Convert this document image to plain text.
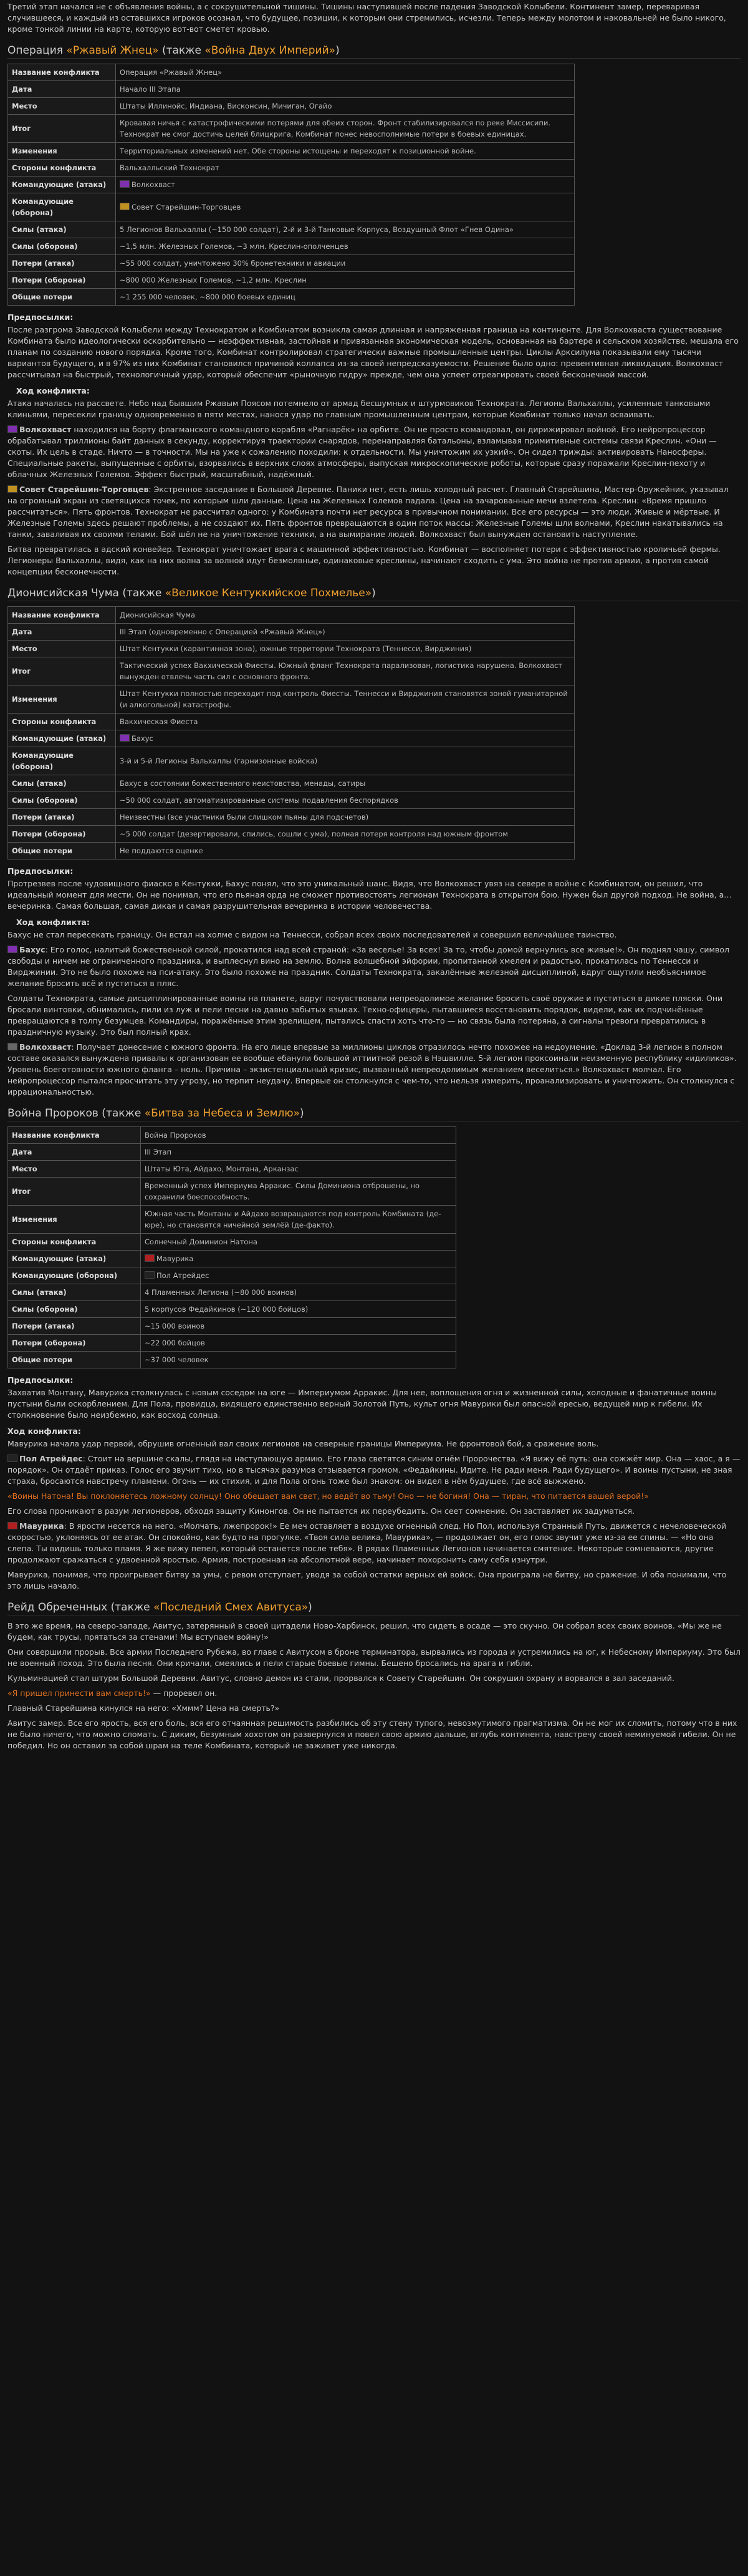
Третий этап начался не с объявления войны, а с сокрушительной тишины. Тишины наступившей после падения Заводской Колыбели. Континент замер, переваривая случившееся, и каждый из оставшихся игроков осознал, что будущее, позиции, к которым они стремились, исчезли. Теперь между молотом и наковальней не было никого, кроме тонкой линии на карте, которую вот-вот сметет кровью.

Операция «Ржавый Жнец» (также «Война Двух Империй»)
Название конфликта	Операция «Ржавый Жнец»
Дата	Начало III Этапа
Место	Штаты Иллинойс, Индиана, Висконсин, Мичиган, Огайо
Итог	Кровавая ничья с катастрофическими потерями для обеих сторон. Фронт стабилизировался по реке Миссисипи. Технократ не смог достичь целей блицкрига, Комбинат понес невосполнимые потери в боевых единицах.
Изменения	Территориальных изменений нет. Обе стороны истощены и переходят к позиционной войне.
Стороны конфликта	Вальхалльский Технократ
Командующие (атака)	Волкохваст
Командующие (оборона)	Совет Старейшин-Торговцев
Силы (атака)	5 Легионов Вальхаллы (~150 000 солдат), 2-й и 3-й Танковые Корпуса, Воздушный Флот «Гнев Одина»
Силы (оборона)	~1,5 млн. Железных Големов, ~3 млн. Креслин-ополченцев
Потери (атака)	~55 000 солдат, уничтожено 30% бронетехники и авиации
Потери (оборона)	~800 000 Железных Големов, ~1,2 млн. Креслин
Общие потери	~1 255 000 человек, ~800 000 боевых единиц
Предпосылки:

После разгрома Заводской Колыбели между Технократом и Комбинатом возникла самая длинная и напряженная граница на континенте. Для Волкохваста существование Комбината было идеологически оскорбительно — неэффективная, застойная и привязанная экономическая модель, основанная на бартере и сельском хозяйстве, мешала его планам по созданию нового порядка. Кроме того, Комбинат контролировал стратегически важные промышленные центры. Циклы Арксилума показывали ему тысячи вариантов будущего, и в 97% из них Комбинат становился причиной коллапса из-за своей непредсказуемости. Решение было одно: превентивная ликвидация. Волкохваст рассчитывал на быстрый, технологичный удар, который обеспечит «рыночную гидру» прежде, чем она успеет отреагировать своей бесконечной массой.

Ход конфликта:

Атака началась на рассвете. Небо над бывшим Ржавым Поясом потемнело от армад бесшумных и штурмовиков Технократа. Легионы Вальхаллы, усиленные танковыми клиньями, пересекли границу одновременно в пяти местах, нанося удар по главным промышленным центрам, которые Комбинат только начал осваивать.

Волкохваст находился на борту флагманского командного корабля «Рагнарёк» на орбите. Он не просто командовал, он дирижировал войной. Его нейропроцессор обрабатывал триллионы байт данных в секунду, корректируя траектории снарядов, перенаправляя батальоны, взламывая примитивные системы связи Креслин. «Они — скоты. Их цель в стаде. Ничто — в точности. Мы на уже к сожалению походили: к отдельности. Мы уничтожим их узкий». Он сидел трижды: активировать Наносферы. Специальные ракеты, выпущенные с орбиты, взорвались в верхних слоях атмосферы, выпуская микроскопические роботы, которые сразу поражали Креслин-пехоту и облачных Железных Големов. Эффект быстрый, масштабный, надёжный.

Совет Старейшин-Торговцев: Экстренное заседание в Большой Деревне. Паники нет, есть лишь холодный расчет. Главный Старейшина, Мастер-Оружейник, указывал на огромный экран из светящихся точек, по которым шли данные. Цена на Железных Големов падала. Цена на зачарованные мечи взлетела. Креслин: «Время пришло рассчитаться». Пять фронтов. Технократ не рассчитал одного: у Комбината почти нет ресурса в привычном понимании. Все его ресурсы — это люди. Живые и мёртвые. И Железные Големы здесь решают проблемы, а не создают их. Пять фронтов превращаются в один поток массы: Железные Големы шли волнами, Креслин накатывались на танки, заваливая их своими телами. Бой шёл не на уничтожение техники, а на вымирание людей. Волкохваст был вынужден остановить наступление.

Битва превратилась в адский конвейер. Технократ уничтожает врага с машинной эффективностью. Комбинат — восполняет потери с эффективностью кроличьей фермы. Легионеры Вальхаллы, видя, как на них волна за волной идут безмолвные, одинаковые креслины, начинают сходить с ума. Это война не против армии, а против самой концепции бесконечности.

Дионисийская Чума (также «Великое Кентуккийское Похмелье»)
Название конфликта	Дионисийская Чума
Дата	III Этап (одновременно с Операцией «Ржавый Жнец»)
Место	Штат Кентукки (карантинная зона), южные территории Технократа (Теннесси, Вирджиния)
Итог	Тактический успех Вакхической Фиесты. Южный фланг Технократа парализован, логистика нарушена. Волкохваст вынужден отвлечь часть сил с основного фронта.
Изменения	Штат Кентукки полностью переходит под контроль Фиесты. Теннесси и Вирджиния становятся зоной гуманитарной (и алкогольной) катастрофы.
Стороны конфликта	Вакхическая Фиеста
Командующие (атака)	Бахус
Командующие (оборона)	3-й и 5-й Легионы Вальхаллы (гарнизонные войска)
Силы (атака)	Бахус в состоянии божественного неистовства, менады, сатиры
Силы (оборона)	~50 000 солдат, автоматизированные системы подавления беспорядков
Потери (атака)	Неизвестны (все участники были слишком пьяны для подсчетов)
Потери (оборона)	~5 000 солдат (дезертировали, спились, сошли с ума), полная потеря контроля над южным фронтом
Общие потери	Не поддаются оценке
Предпосылки:

Протрезвев после чудовищного фиаско в Кентукки, Бахус понял, что это уникальный шанс. Видя, что Волкохваст увяз на севере в войне с Комбинатом, он решил, что идеальный момент для мести. Он не понимал, что его пьяная орда не сможет противостоять легионам Технократа в открытом бою. Нужен был другой подход. Не война, а… вечеринка. Самая большая, самая дикая и самая разрушительная вечеринка в истории человечества.

Ход конфликта:

Бахус не стал пересекать границу. Он встал на холме с видом на Теннесси, собрал всех своих последователей и совершил величайшее таинство.

Бахус: Его голос, налитый божественной силой, прокатился над всей страной: «За веселье! За всех! За то, чтобы домой вернулись все живые!». Он поднял чашу, символ свободы и ничем не ограниченного праздника, и выплеснул вино на землю. Волна волшебной эйфории, пропитанной хмелем и радостью, прокатилась по Теннесси и Вирджинии. Это не было похоже на пси-атаку. Это было похоже на праздник. Солдаты Технократа, закалённые железной дисциплиной, вдруг ощутили необъяснимое желание бросить всё и пуститься в пляс.

Солдаты Технократа, самые дисциплинированные воины на планете, вдруг почувствовали непреодолимое желание бросить своё оружие и пуститься в дикие пляски. Они бросали винтовки, обнимались, пили из луж и пели песни на давно забытых языках. Техно-офицеры, пытавшиеся восстановить порядок, видели, как их подчинённые превращаются в толпу безумцев. Командиры, поражённые этим зрелищем, пытались спасти хоть что-то — но связь была потеряна, а сигналы тревоги превратились в праздничную музыку. Это был полный крах.

Волкохваст: Получает донесение с южного фронта. На его лице впервые за миллионы циклов отразилось нечто похожее на недоумение. «Доклад 3-й легион в полном составе оказался вынуждена привалы к организован ее вообще ебанули большой иттиитной резой в Нэшвилле. 5-й легион проксоинали неизменную республику «идиликов». Уровень боеготовности южного фланга – ноль. Причина – экзистенциальный кризис, вызванный непреодолимым желанием веселиться.» Волкохваст молчал. Его нейропроцессор пытался просчитать эту угрозу, но терпит неудачу. Впервые он столкнулся с чем-то, что нельзя измерить, проанализировать и уничтожить. Он столкнулся с иррациональностью.

Война Пророков (также «Битва за Небеса и Землю»)
Название конфликта	Война Пророков
Дата	III Этап
Место	Штаты Юта, Айдахо, Монтана, Арканзас
Итог	Временный успех Империума Арракис. Силы Доминиона отброшены, но сохранили боеспособность.
Изменения	Южная часть Монтаны и Айдахо возвращаются под контроль Комбината (де-юре), но становятся ничейной землёй (де-факто).
Стороны конфликта	Солнечный Доминион Натона
Командующие (атака)	Мавурика
Командующие (оборона)	Пол Атрейдес
Силы (атака)	4 Пламенных Легиона (~80 000 воинов)
Силы (оборона)	5 корпусов Федайкинов (~120 000 бойцов)
Потери (атака)	~15 000 воинов
Потери (оборона)	~22 000 бойцов
Общие потери	~37 000 человек
Предпосылки:

Захватив Монтану, Мавурика столкнулась с новым соседом на юге — Империумом Арракис. Для нее, воплощения огня и жизненной силы, холодные и фанатичные воины пустыни были оскорблением. Для Пола, провидца, видящего единственно верный Золотой Путь, культ огня Мавурики был опасной ересью, ведущей мир к гибели. Их столкновение было неизбежно, как восход солнца.

Ход конфликта:

Мавурика начала удар первой, обрушив огненный вал своих легионов на северные границы Империума. Не фронтовой бой, а сражение воль.

Пол Атрейдес: Стоит на вершине скалы, глядя на наступающую армию. Его глаза светятся синим огнём Пророчества. «Я вижу её путь: она сожжёт мир. Она — хаос, а я — порядок». Он отдаёт приказ. Голос его звучит тихо, но в тысячах разумов отзывается громом. «Федайкины. Идите. Не ради меня. Ради будущего». И воины пустыни, не зная страха, бросаются навстречу пламени. Огонь — их стихия, и для Пола огонь тоже был знаком: он видел в нём будущее, где всё выжжено.

«Воины Натона! Вы поклоняетесь ложному солнцу! Оно обещает вам свет, но ведёт во тьму! Оно — не богиня! Она — тиран, что питается вашей верой!»

Его слова проникают в разум легионеров, обходя защиту Кинонгов. Он не пытается их переубедить. Он сеет сомнение. Он заставляет их задуматься.

Мавурика: В ярости несется на него. «Молчать, лжепророк!» Ее меч оставляет в воздухе огненный след. Но Пол, используя Странный Путь, движется с нечеловеческой скоростью, уклоняясь от ее атак. Он спокойно, как будто на прогулке. «Твоя сила велика, Мавурика», — продолжает он, его голос звучит уже из-за ее спины. — «Но она слепа. Ты видишь только пламя. Я же вижу пепел, который останется после тебя». В рядах Пламенных Легионов начинается смятение. Некоторые сомневаются, другие продолжают сражаться с удвоенной яростью. Армия, построенная на абсолютной вере, начинает похоронить саму себя изнутри.

Мавурика, понимая, что проигрывает битву за умы, с ревом отступает, уводя за собой остатки верных ей войск. Она проиграла не битву, но сражение. И оба понимали, что это лишь начало.

Рейд Обреченных (также «Последний Смех Авитусa»)

В это же время, на северо-западе, Авитус, затерянный в своей цитадели Ново-Харбинск, решил, что сидеть в осаде — это скучно. Он собрал всех своих воинов. «Мы же не будем, как трусы, прятаться за стенами! Мы вступаем войну!»

Они совершили прорыв. Все армии Последнего Рубежа, во главе с Авитусом в броне терминатора, вырвались из города и устремились на юг, к Небесному Империуму. Это был не военный поход. Это была песня. Они кричали, смеялись и пели старые боевые гимны. Бешено бросались на врага и гибли.

Кульминацией стал штурм Большой Деревни. Авитус, словно демон из стали, прорвался к Совету Старейшин. Он сокрушил охрану и ворвался в зал заседаний.

«Я пришел принести вам смерть!» — проревел он.

Главный Старейшина кинулся на него: «Хммм? Цена на смерть?»

Авитус замер. Все его ярость, вся его боль, вся его отчаянная решимость разбились об эту стену тупого, невозмутимого прагматизма. Он не мог их сломить, потому что в них не было ничего, что можно сломать. С диким, безумным хохотом он развернулся и повел свою армию дальше, вглубь континента, навстречу своей неминуемой гибели. Он не победил. Но он оставил за собой шрам на теле Комбината, который не заживет уже никогда.
